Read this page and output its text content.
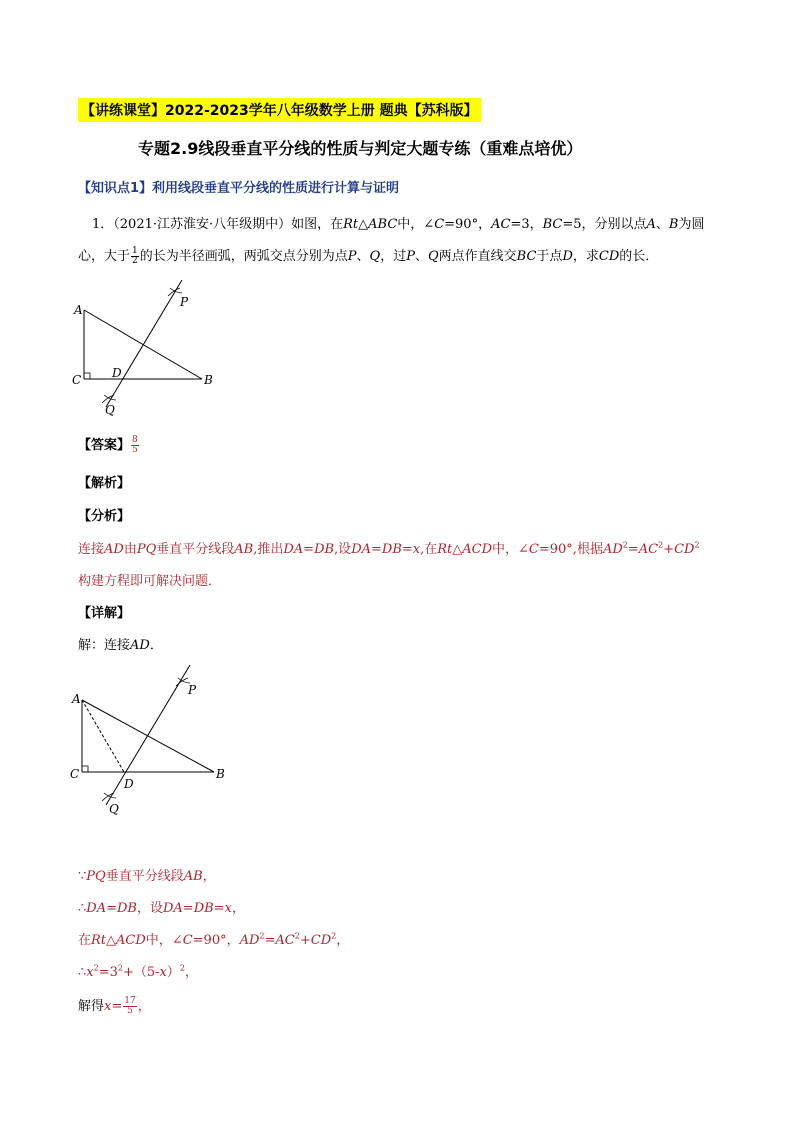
【讲练课堂】2022-2023学年八年级数学上册 题典【苏科版】
专题2.9线段垂直平分线的性质与判定大题专练（重难点培优）
【知识点1】利用线段垂直平分线的性质进行计算与证明
1．（2021·江苏淮安·八年级期中）如图，在Rt△ABC中，∠C=90°，AC=3，BC=5，分别以点A、B为圆
心，大于 $\frac{1}{2}$ 的长为半径画弧，两弧交点分别为点P、Q，过P、Q两点作直线交BC于点D，求CD的长．
A
C	B
D
P
Q
【答案】 $\frac{8}{5}$
【解析】
【分析】
连接AD由PQ垂直平分线段AB,推出DA=DB,设DA=DB=x,在Rt△ACD中，∠C=90°,根据$AD^2=AC^2+CD^2$
构建方程即可解决问题．
【详解】
解：连接AD．
A
C	B
D
P
Q
∵PQ垂直平分线段AB，
∴DA=DB，设DA=DB=x，
在Rt△ACD中，∠C=90°，$AD^2=AC^2+CD^2$，
$\therefore x^2=3^2+(5-x)^2$，
解得$x= \frac{17}{5}$ ，
